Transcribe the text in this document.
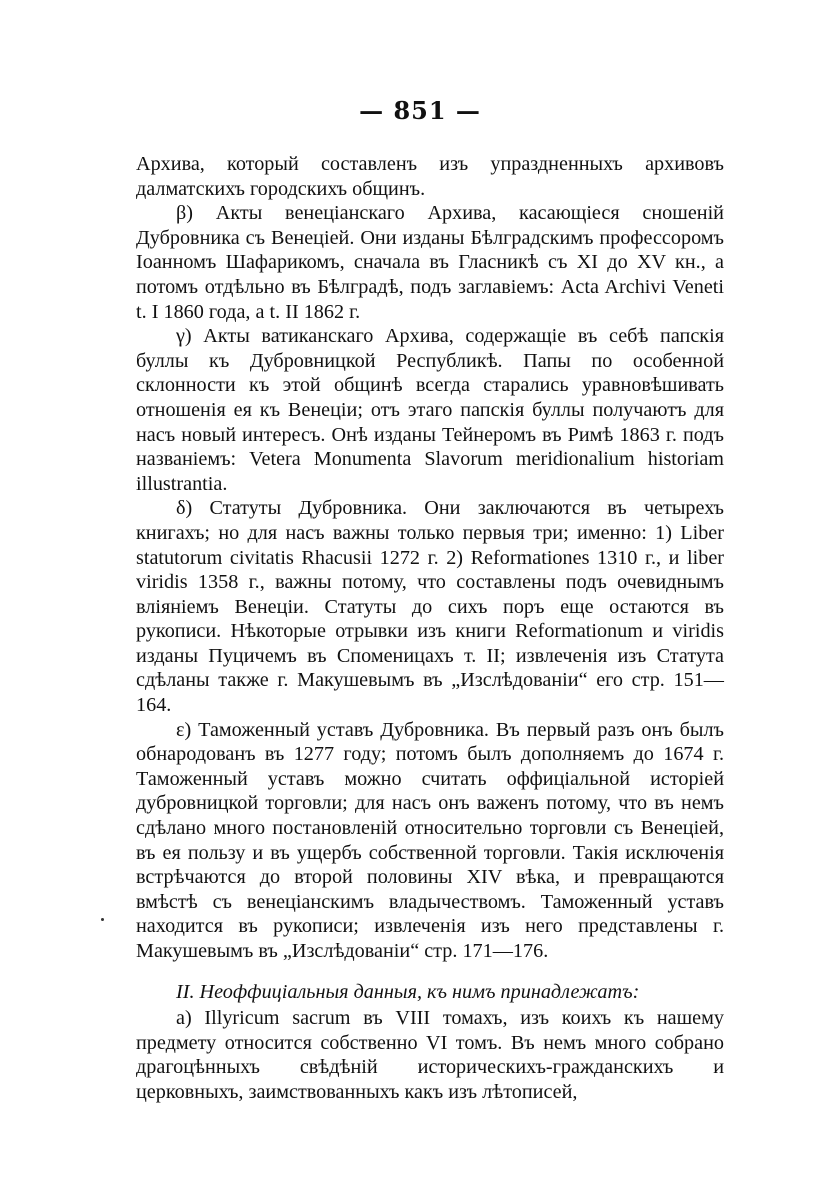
— 851 —

Архива, который составленъ изъ упраздненныхъ архивовъ далматскихъ городскихъ общинъ.

β) Акты венеціанскаго Архива, касающіеся сношеній Дубровника съ Венеціей. Они изданы Бѣлградскимъ профессоромъ Іоанномъ Шафарикомъ, сначала въ Гласникѣ съ XI до XV кн., а потомъ отдѣльно въ Бѣлградѣ, подъ заглавіемъ: Acta Archivi Veneti t. I 1860 года, a t. II 1862 г.

γ) Акты ватиканскаго Архива, содержащіе въ себѣ папскія буллы къ Дубровницкой Республикѣ. Папы по особенной склонности къ этой общинѣ всегда старались уравновѣшивать отношенія ея къ Венеціи; отъ этаго папскія буллы получаютъ для насъ новый интересъ. Онѣ изданы Тейнеромъ въ Римѣ 1863 г. подъ названіемъ: Vetera Monumenta Slavorum meridionalium historiam illustrantia.

δ) Статуты Дубровника. Они заключаются въ четырехъ книгахъ; но для насъ важны только первыя три; именно: 1) Liber statutorum civitatis Rhacusii 1272 г. 2) Reformationes 1310 г., и liber viridis 1358 г., важны потому, что составлены подъ очевиднымъ вліяніемъ Венеціи. Статуты до сихъ поръ еще остаются въ рукописи. Нѣкоторые отрывки изъ книги Reformationum и viridis изданы Пуцичемъ въ Споменицахъ т. II; извлеченія изъ Статута сдѣланы также г. Макушевымъ въ „Изслѣдованіи“ его стр. 151—164.

ε) Таможенный уставъ Дубровника. Въ первый разъ онъ былъ обнародованъ въ 1277 году; потомъ былъ дополняемъ до 1674 г. Таможенный уставъ можно считать оффиціальной исторіей дубровницкой торговли; для насъ онъ важенъ потому, что въ немъ сдѣлано много постановленій относительно торговли съ Венеціей, въ ея пользу и въ ущербъ собственной торговли. Такія исключенія встрѣчаются до второй половины XIV вѣка, и превращаются вмѣстѣ съ венеціанскимъ владычествомъ. Таможенный уставъ находится въ рукописи; извлеченія изъ него представлены г. Макушевымъ въ „Изслѣдованіи“ стр. 171—176.

II. Неоффиціальныя данныя, къ нимъ принадлежатъ:

а) Illyricum sacrum въ VIII томахъ, изъ коихъ къ нашему предмету относится собственно VI томъ. Въ немъ много собрано драгоцѣнныхъ свѣдѣній историческихъ-гражданскихъ и церковныхъ, заимствованныхъ какъ изъ лѣтописей,
